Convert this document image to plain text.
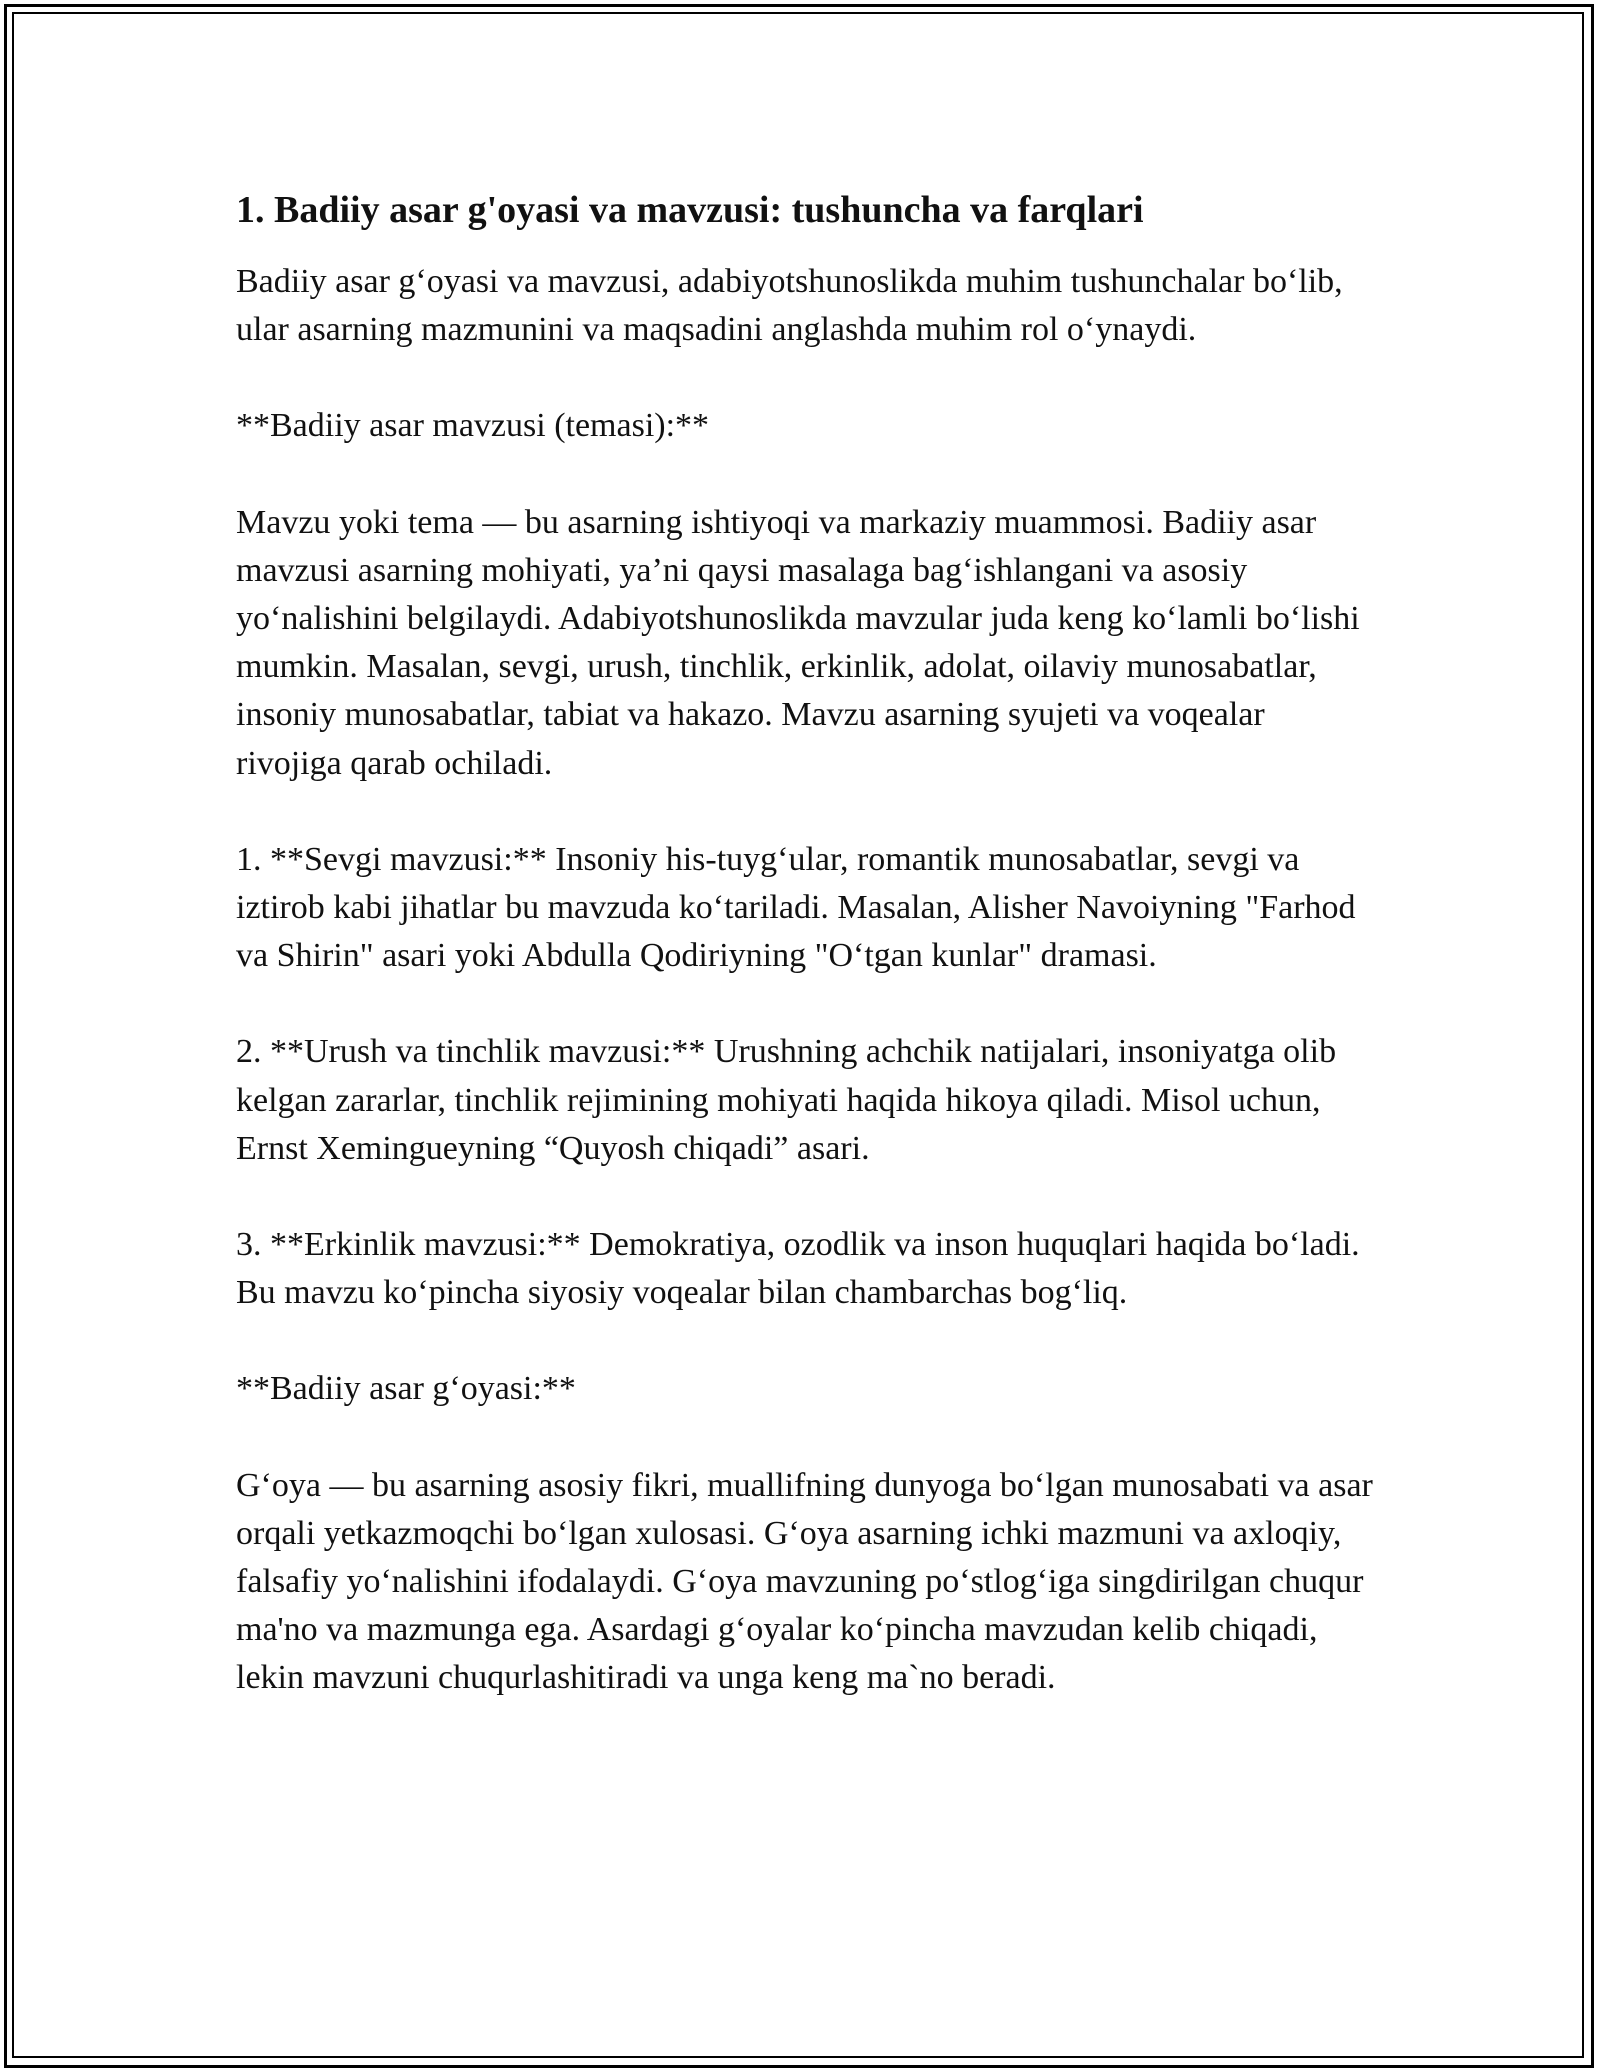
1. Badiiy asar g'oyasi va mavzusi: tushuncha va farqlari

Badiiy asar g‘oyasi va mavzusi, adabiyotshunoslikda muhim tushunchalar bo‘lib, ular asarning mazmunini va maqsadini anglashda muhim rol o‘ynaydi.

**Badiiy asar mavzusi (temasi):**

Mavzu yoki tema — bu asarning ishtiyoqi va markaziy muammosi. Badiiy asar mavzusi asarning mohiyati, ya’ni qaysi masalaga bag‘ishlangani va asosiy yo‘nalishini belgilaydi. Adabiyotshunoslikda mavzular juda keng ko‘lamli bo‘lishi mumkin. Masalan, sevgi, urush, tinchlik, erkinlik, adolat, oilaviy munosabatlar, insoniy munosabatlar, tabiat va hakazo. Mavzu asarning syujeti va voqealar rivojiga qarab ochiladi.

1. **Sevgi mavzusi:** Insoniy his-tuyg‘ular, romantik munosabatlar, sevgi va iztirob kabi jihatlar bu mavzuda ko‘tariladi. Masalan, Alisher Navoiyning "Farhod va Shirin" asari yoki Abdulla Qodiriyning "O‘tgan kunlar" dramasi.

2. **Urush va tinchlik mavzusi:** Urushning achchik natijalari, insoniyatga olib kelgan zararlar, tinchlik rejimining mohiyati haqida hikoya qiladi. Misol uchun, Ernst Xemingueyning “Quyosh chiqadi” asari.

3. **Erkinlik mavzusi:** Demokratiya, ozodlik va inson huquqlari haqida bo‘ladi. Bu mavzu ko‘pincha siyosiy voqealar bilan chambarchas bog‘liq.

**Badiiy asar g‘oyasi:**

G‘oya — bu asarning asosiy fikri, muallifning dunyoga bo‘lgan munosabati va asar orqali yetkazmoqchi bo‘lgan xulosasi. G‘oya asarning ichki mazmuni va axloqiy, falsafiy yo‘nalishini ifodalaydi. G‘oya mavzuning po‘stlog‘iga singdirilgan chuqur ma'no va mazmunga ega. Asardagi g‘oyalar ko‘pincha mavzudan kelib chiqadi, lekin mavzuni chuqurlashitiradi va unga keng ma`no beradi.
